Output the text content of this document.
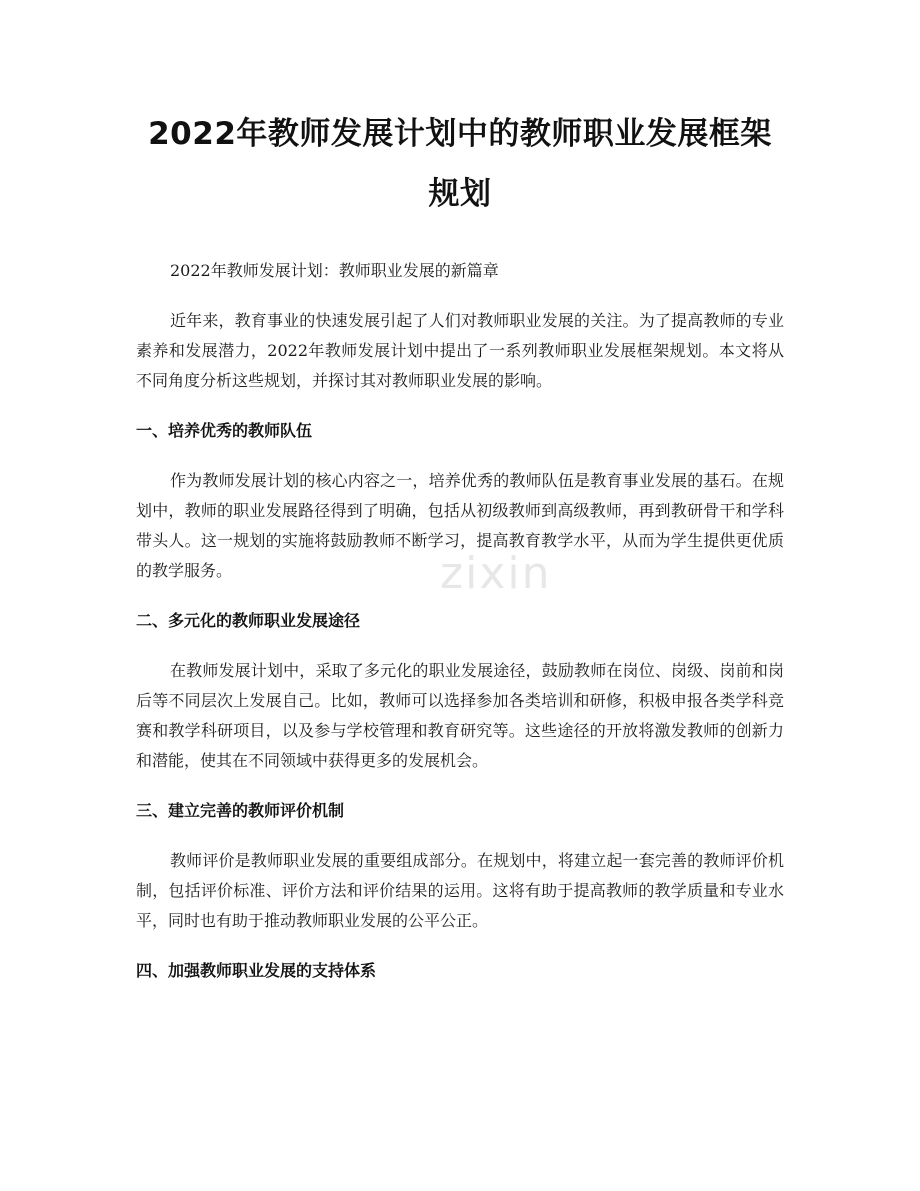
2022年教师发展计划中的教师职业发展框架规划

2022年教师发展计划：教师职业发展的新篇章

近年来，教育事业的快速发展引起了人们对教师职业发展的关注。为了提高教师的专业素养和发展潜力，2022年教师发展计划中提出了一系列教师职业发展框架规划。本文将从不同角度分析这些规划，并探讨其对教师职业发展的影响。

一、培养优秀的教师队伍

作为教师发展计划的核心内容之一，培养优秀的教师队伍是教育事业发展的基石。在规划中，教师的职业发展路径得到了明确，包括从初级教师到高级教师，再到教研骨干和学科带头人。这一规划的实施将鼓励教师不断学习，提高教育教学水平，从而为学生提供更优质的教学服务。

二、多元化的教师职业发展途径

在教师发展计划中，采取了多元化的职业发展途径，鼓励教师在岗位、岗级、岗前和岗后等不同层次上发展自己。比如，教师可以选择参加各类培训和研修，积极申报各类学科竞赛和教学科研项目，以及参与学校管理和教育研究等。这些途径的开放将激发教师的创新力和潜能，使其在不同领域中获得更多的发展机会。

三、建立完善的教师评价机制

教师评价是教师职业发展的重要组成部分。在规划中，将建立起一套完善的教师评价机制，包括评价标准、评价方法和评价结果的运用。这将有助于提高教师的教学质量和专业水平，同时也有助于推动教师职业发展的公平公正。

四、加强教师职业发展的支持体系
zixin
